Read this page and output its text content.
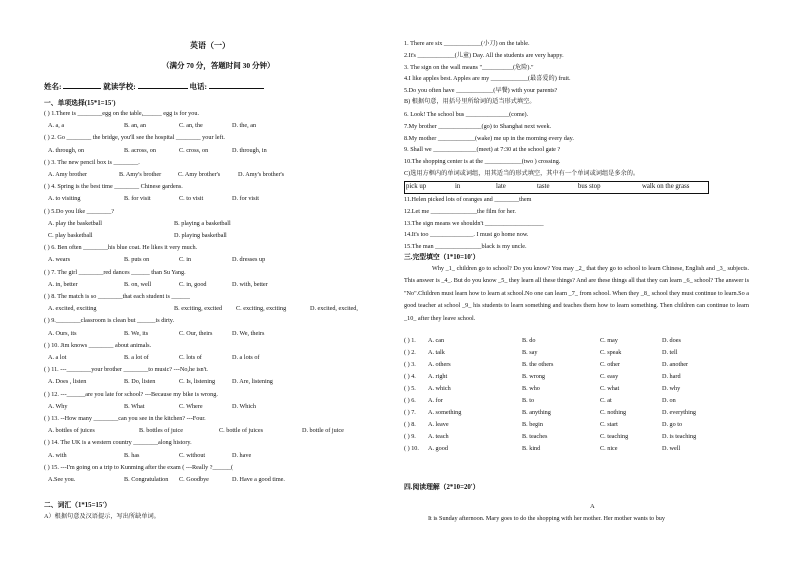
英语（一）
（满分 70 分，答题时间 30 分钟）
姓名:	就读学校:	电话:
一、单项选择(15*1=15')
( ) 1.There is ________egg on the table,______ egg is for you.
A. a, a	B. an, an	C. an, the	D. the, an
( ) 2. Go ________ the bridge, you'll see the hospital ________ your left.
A. through, on	B. across, on	C. cross, on	D. through, in
( ) 3. The new pencil box is ________.
A. Amy brother	B. Amy's brother	C. Amy brother's	D. Amy's brother's
( ) 4. Spring is the best time ________ Chinese gardens.
A. to visiting	B. for visit	C. to visit	D. for visit
( ) 5.Do you like ________?
A. play the basketball	B. playing a basketball
C. play basketball	D. playing basketball
( ) 6. Ben often ________his blue coat. He likes it very much.
A. wears	B. puts on	C. in	D. dresses up
( ) 7. The girl ________red dances ______ than Su Yang.
A. in, better	B. on, well	C. in, good	D. with, better
( ) 8. The match is so ________that each student is ______
A. excited, exciting	B. exciting, excited C. exciting, exciting	D. excited, excited,
( ) 9.________classroom is clean but ______is dirty.
A. Ours, its	B. We, its	C. Our, theirs	D. We, theirs
( ) 10. Jim knows ________ about animals.
A. a lot	B. a lot of	C. lots of	D. a lots of
( ) 11. ---________your brother ________to music? ---No,he isn't.
A. Does , listen	B. Do, listen	C. Is, listening	D. Are, listening
( ) 12. ---______are you late for school? ---Because my bike is wrong.
A. Why	B. What	C. Where	D. Which
( ) 13. --How many ________can you see in the kitchen? ---Four.
A. bottles of juices	B. bottles of juice	C. bottle of juices	D. bottle of juice
( ) 14. The UK is a western country ________along history.
A. with	B. has	C. without	D. have
( ) 15. ---I'm going on a trip to Kunming after the exam ( ---Really ?______(
A.See you.	B. Congratulation C. Goodbye	D. Have a good time.
二、词汇（1*15=15'）
A）根据句意及汉语提示，写出所缺单词。
1. There are six ____________(小刀) on the table.
2.It's ____________(儿童) Day. All the students are very happy.
3. The sign on the wall means "__________(危险)."
4.I like apples best. Apples are my ____________(最喜爱的) fruit.
5.Do you often have ____________(早餐) with your parents?
B) 根据句意，用括号里所给词的适当形式填空。
6. Look! The school bus ______________(come).
7.My brother ______________(go) to Shanghai next week.
8.My mother ____________(wake) me up in the morning every day.
9. Shall we ______________(meet) at 7:30 at the school gate ?
10.The shopping center is at the ____________(two ) crossing.
C)选用方框内的单词或词组，用其适当的形式填空，其中有一个单词或词组是多余的。
pick up	in	late	taste	bus stop	walk on the grass
11.Helen picked lots of oranges and ________them
12.Let me _______________the film for her.
13.The sign means we shouldn't ___________________
14.It's too ______________. I must go home now.
15.The man _______________black is my uncle.
三.完型填空（1*10=10'）
Why _1_ children go to school? Do you know? You may _2_ that they go to school to learn Chinese, English and _3_ subjects. This answer is _4_. But do you know _5_ they learn all these things? And are these things all that they can learn _6_ school? The answer is "No".Children must learn how to learn at school.No one can learn _7_ from school. When they _8_ school they must continue to learn.So a good teacher at school _9_ his students to learn something and teaches them how to learn something. Then children can continue to learn _10_ after they leave school.
( ) 1. A. can	B. do	C. may	D. does
( ) 2. A. talk	B. say	C. speak	D. tell
( ) 3. A. others	B. the others	C. other	D. another
( ) 4. A. right	B. wrong	C. easy	D. hard
( ) 5. A. which	B. who	C. what	D. why
( ) 6. A. for	B. to	C. at	D. on
( ) 7. A. something	B. anything	C. nothing	D. everything
( ) 8. A. leave	B. begin	C. start	D. go to
( ) 9. A. teach	B. teaches	C. teaching	D. is teaching
( ) 10. A. good	B. kind	C. nice	D. well
四.阅读理解（2*10=20'）
A
It is Sunday afternoon. Mary goes to do the shopping with her mother. Her mother wants to buy
